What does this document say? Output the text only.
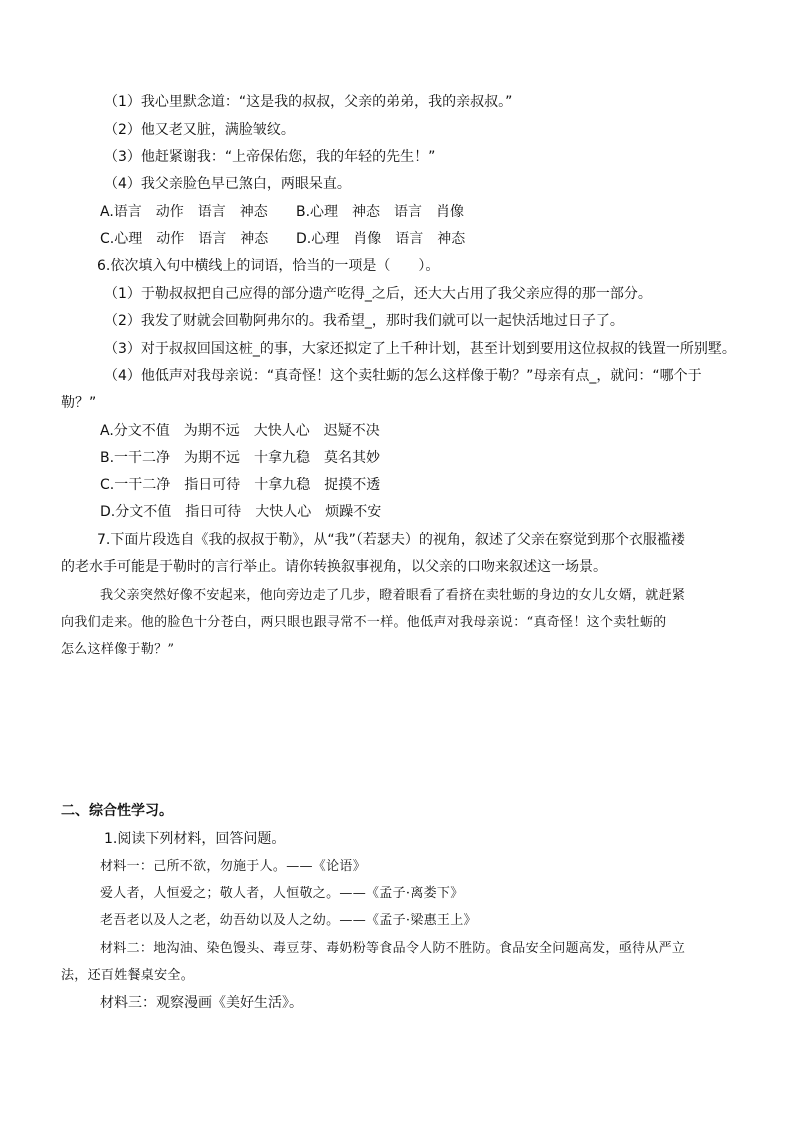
（1）我心里默念道：“这是我的叔叔，父亲的弟弟，我的亲叔叔。”
（2）他又老又脏，满脸皱纹。
（3）他赶紧谢我：“上帝保佑您，我的年轻的先生！”
（4）我父亲脸色早已煞白，两眼呆直。
A.语言　动作　语言　神态 B.心理　神态　语言　肖像
C.心理　动作　语言　神态 D.心理　肖像　语言　神态
6.依次填入句中横线上的词语，恰当的一项是（　　）。
（1）于勒叔叔把自己应得的部分遗产吃得_之后，还大大占用了我父亲应得的那一部分。
（2）我发了财就会回勒阿弗尔的。我希望_，那时我们就可以一起快活地过日子了。
（3）对于叔叔回国这桩_的事，大家还拟定了上千种计划，甚至计划到要用这位叔叔的钱置一所别墅。
（4）他低声对我母亲说：“真奇怪！这个卖牡蛎的怎么这样像于勒？”母亲有点_，就问：“哪个于
勒？”
A.分文不值　为期不远　大快人心　迟疑不决
B.一干二净　为期不远　十拿九稳　莫名其妙
C.一干二净　指日可待　十拿九稳　捉摸不透
D.分文不值　指日可待　大快人心　烦躁不安
7.下面片段选自《我的叔叔于勒》，从“我”（若瑟夫）的视角，叙述了父亲在察觉到那个衣服褴褛
的老水手可能是于勒时的言行举止。请你转换叙事视角，以父亲的口吻来叙述这一场景。
我父亲突然好像不安起来，他向旁边走了几步，瞪着眼看了看挤在卖牡蛎的身边的女儿女婿，就赶紧
向我们走来。他的脸色十分苍白，两只眼也跟寻常不一样。他低声对我母亲说：“真奇怪！这个卖牡蛎的
怎么这样像于勒？”
二、综合性学习。
1.阅读下列材料，回答问题。
材料一：己所不欲，勿施于人。——《论语》
爱人者，人恒爱之；敬人者，人恒敬之。——《孟子·离娄下》
老吾老以及人之老，幼吾幼以及人之幼。——《孟子·梁惠王上》
材料二：地沟油、染色馒头、毒豆芽、毒奶粉等食品令人防不胜防。食品安全问题高发，亟待从严立
法，还百姓餐桌安全。
材料三：观察漫画《美好生活》。
